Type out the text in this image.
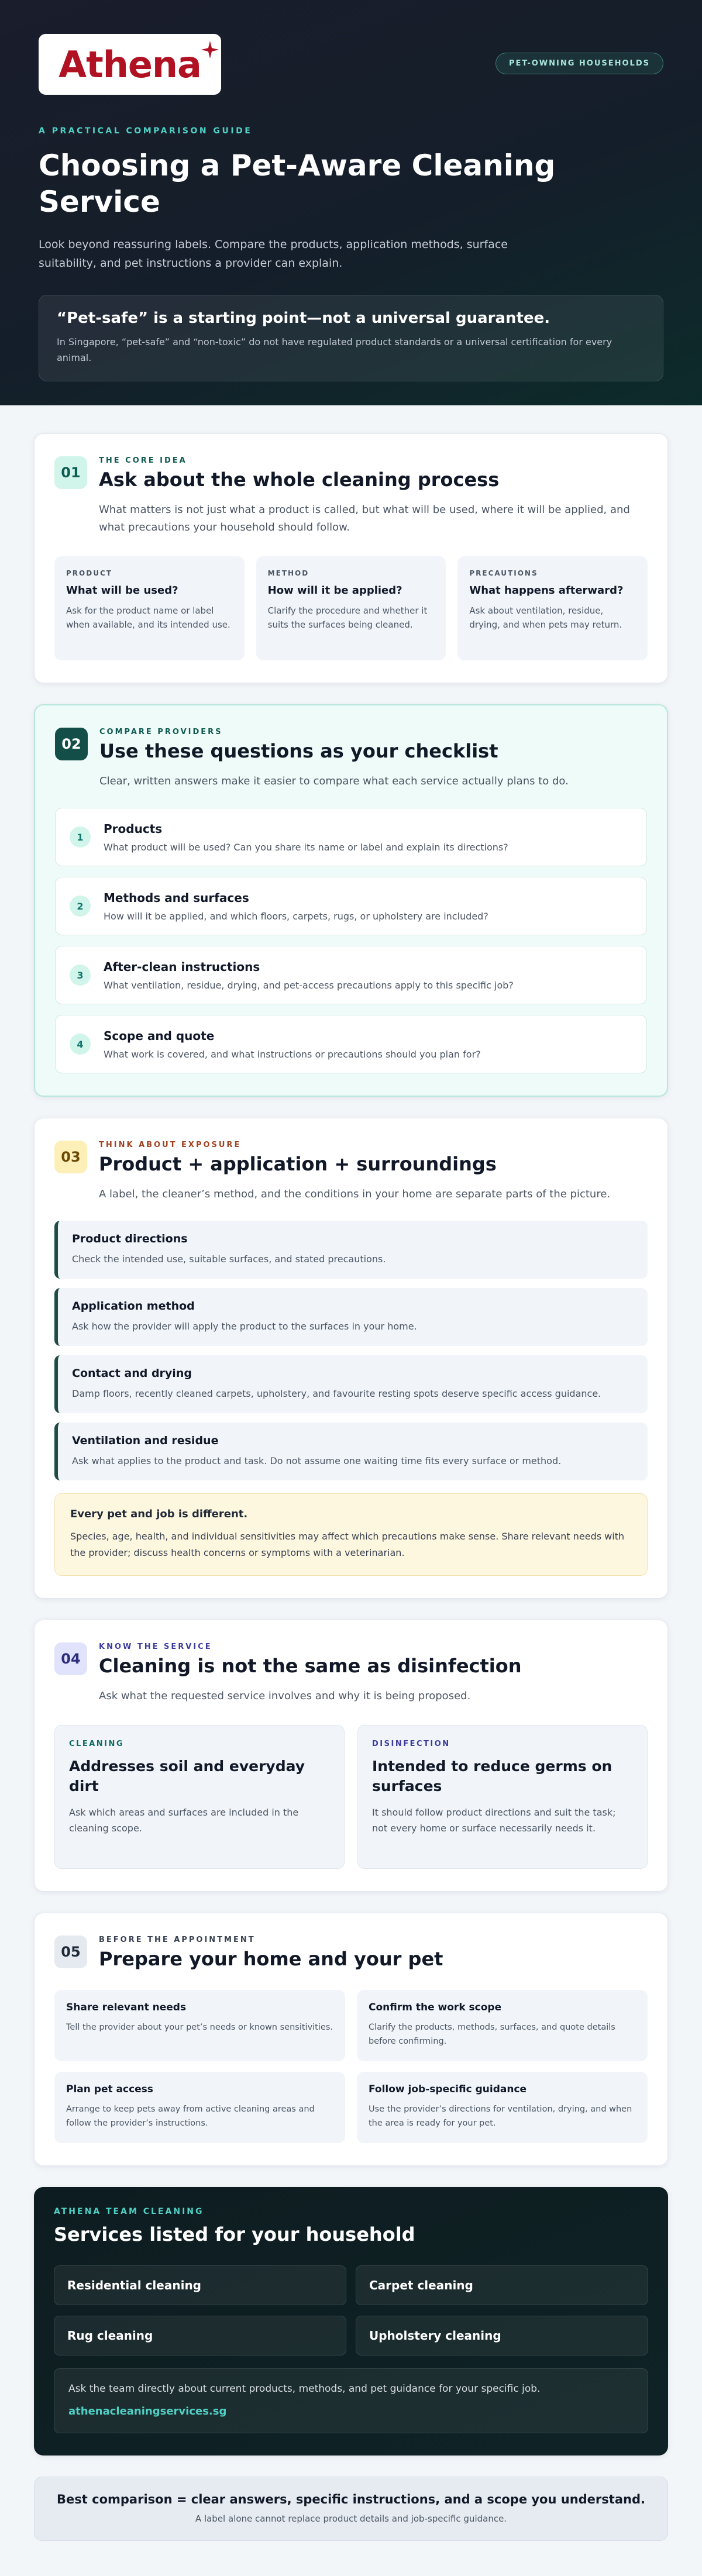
Athena	PET-OWNING HOUSEHOLDS
A PRACTICAL COMPARISON GUIDE
Choosing a Pet-Aware Cleaning Service

Look beyond reassuring labels. Compare the products, application methods, surface suitability, and pet instructions a provider can explain.

“Pet-safe” is a starting point—not a universal guarantee.
In Singapore, “pet-safe” and “non-toxic” do not have regulated product standards or a universal certification for every animal.
01
THE CORE IDEA
Ask about the whole cleaning process

What matters is not just what a product is called, but what will be used, where it will be applied, and what precautions your household should follow.

PRODUCT
What will be used?
Ask for the product name or label when available, and its intended use.
METHOD
How will it be applied?
Clarify the procedure and whether it suits the surfaces being cleaned.
PRECAUTIONS
What happens afterward?
Ask about ventilation, residue, drying, and when pets may return.
02
COMPARE PROVIDERS
Use these questions as your checklist

Clear, written answers make it easier to compare what each service actually plans to do.

1
Products
What product will be used? Can you share its name or label and explain its directions?
2
Methods and surfaces
How will it be applied, and which floors, carpets, rugs, or upholstery are included?
3
After-clean instructions
What ventilation, residue, drying, and pet-access precautions apply to this specific job?
4
Scope and quote
What work is covered, and what instructions or precautions should you plan for?
03
THINK ABOUT EXPOSURE
Product + application + surroundings

A label, the cleaner’s method, and the conditions in your home are separate parts of the picture.

Product directions
Check the intended use, suitable surfaces, and stated precautions.
Application method
Ask how the provider will apply the product to the surfaces in your home.
Contact and drying
Damp floors, recently cleaned carpets, upholstery, and favourite resting spots deserve specific access guidance.
Ventilation and residue
Ask what applies to the product and task. Do not assume one waiting time fits every surface or method.
Every pet and job is different.
Species, age, health, and individual sensitivities may affect which precautions make sense. Share relevant needs with the provider; discuss health concerns or symptoms with a veterinarian.
04
KNOW THE SERVICE
Cleaning is not the same as disinfection

Ask what the requested service involves and why it is being proposed.

CLEANING
Addresses soil and everyday dirt
Ask which areas and surfaces are included in the cleaning scope.
DISINFECTION
Intended to reduce germs on surfaces
It should follow product directions and suit the task; not every home or surface necessarily needs it.
05
BEFORE THE APPOINTMENT
Prepare your home and your pet
Share relevant needs
Tell the provider about your pet’s needs or known sensitivities.
Confirm the work scope
Clarify the products, methods, surfaces, and quote details before confirming.
Plan pet access
Arrange to keep pets away from active cleaning areas and follow the provider’s instructions.
Follow job-specific guidance
Use the provider’s directions for ventilation, drying, and when the area is ready for your pet.
ATHENA TEAM CLEANING
Services listed for your household
Residential cleaning	Carpet cleaning
Rug cleaning	Upholstery cleaning
Ask the team directly about current products, methods, and pet guidance for your specific job.
athenacleaningservices.sg
Best comparison = clear answers, specific instructions, and a scope you understand.
A label alone cannot replace product details and job-specific guidance.
